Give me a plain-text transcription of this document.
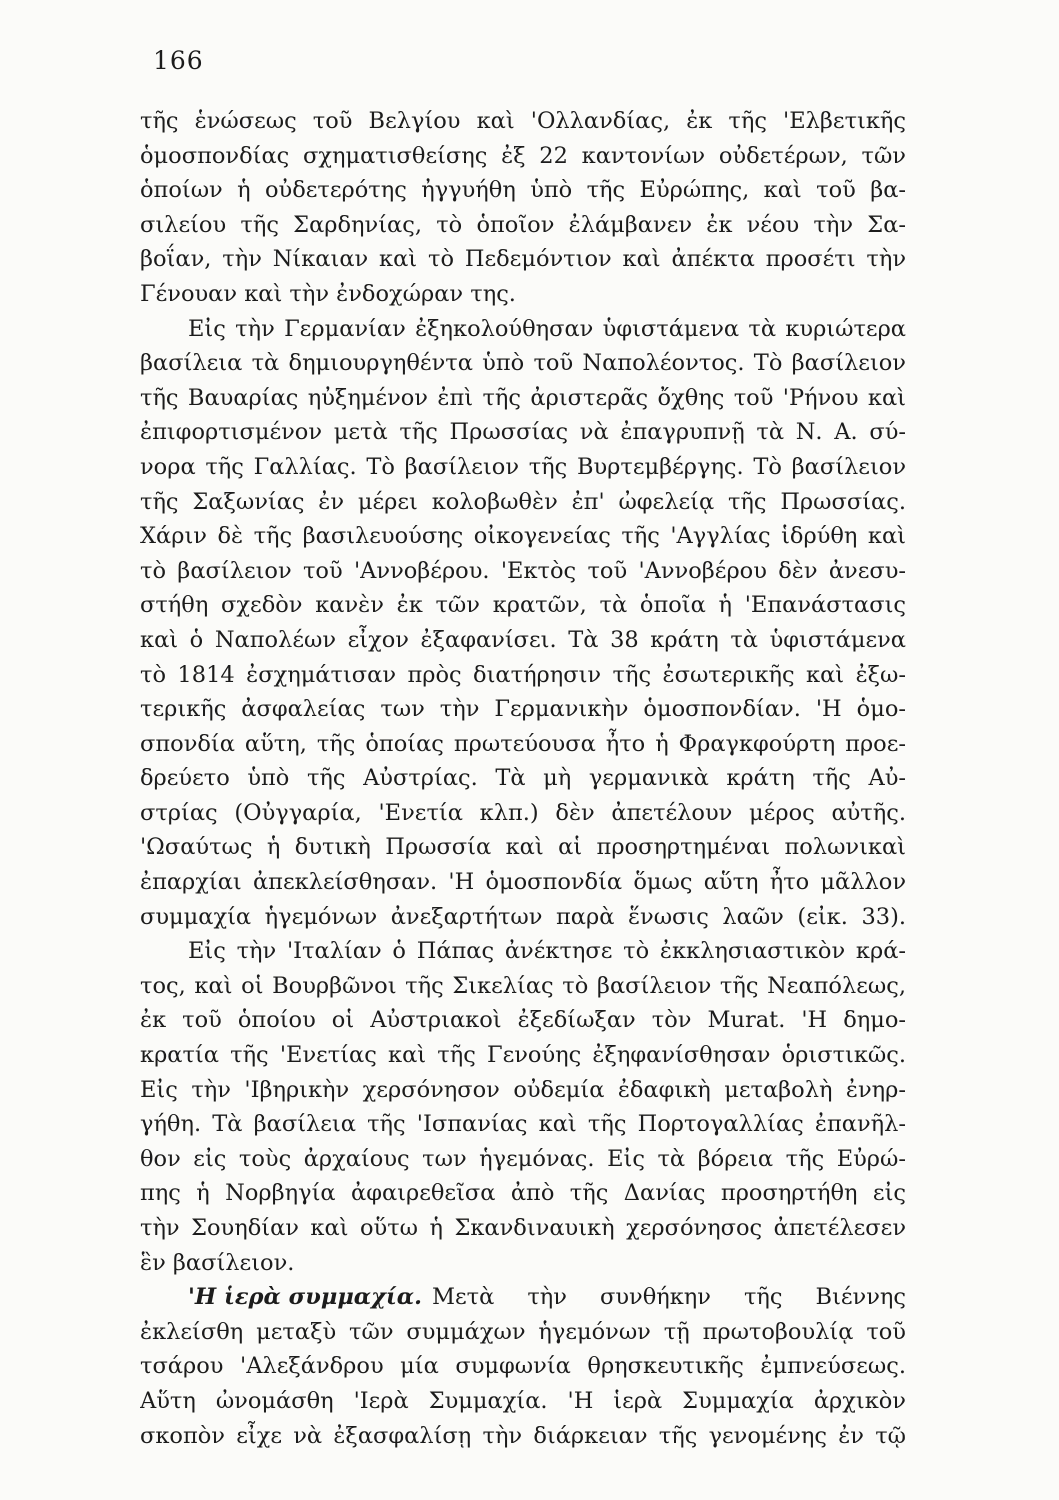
166
τῆς ἑνώσεως τοῦ Βελγίου καὶ 'Ολλανδίας, ἐκ τῆς 'Ελβετικῆς
ὁμοσπονδίας σχηματισθείσης ἐξ 22 καντονίων οὐδετέρων, τῶν
ὁποίων ἡ οὐδετερότης ἠγγυήθη ὑπὸ τῆς Εὐρώπης, καὶ τοῦ βα-
σιλείου τῆς Σαρδηνίας, τὸ ὁποῖον ἐλάμβανεν ἐκ νέου τὴν Σα-
βοΐαν, τὴν Νίκαιαν καὶ τὸ Πεδεμόντιον καὶ ἀπέκτα προσέτι τὴν
Γένουαν καὶ τὴν ἐνδοχώραν της.
Εἰς τὴν Γερμανίαν ἐξηκολούθησαν ὑφιστάμενα τὰ κυριώτερα
βασίλεια τὰ δημιουργηθέντα ὑπὸ τοῦ Ναπολέοντος. Τὸ βασίλειον
τῆς Βαυαρίας ηὐξημένον ἐπὶ τῆς ἀριστερᾶς ὄχθης τοῦ 'Ρήνου καὶ
ἐπιφορτισμένον μετὰ τῆς Πρωσσίας νὰ ἐπαγρυπνῇ τὰ Ν. Α. σύ-
νορα τῆς Γαλλίας. Τὸ βασίλειον τῆς Βυρτεμβέργης. Τὸ βασίλειον
τῆς Σαξωνίας ἐν μέρει κολοβωθὲν ἐπ' ὠφελείᾳ τῆς Πρωσσίας.
Χάριν δὲ τῆς βασιλευούσης οἰκογενείας τῆς 'Αγγλίας ἱδρύθη καὶ
τὸ βασίλειον τοῦ 'Αννοβέρου. 'Εκτὸς τοῦ 'Αννοβέρου δὲν ἀνεσυ-
στήθη σχεδὸν κανὲν ἐκ τῶν κρατῶν, τὰ ὁποῖα ἡ 'Επανάστασις
καὶ ὁ Ναπολέων εἶχον ἐξαφανίσει. Τὰ 38 κράτη τὰ ὑφιστάμενα
τὸ 1814 ἐσχημάτισαν πρὸς διατήρησιν τῆς ἐσωτερικῆς καὶ ἐξω-
τερικῆς ἀσφαλείας των τὴν Γερμανικὴν ὁμοσπονδίαν. 'Η ὁμο-
σπονδία αὕτη, τῆς ὁποίας πρωτεύουσα ἦτο ἡ Φραγκφούρτη προε-
δρεύετο ὑπὸ τῆς Αὐστρίας. Τὰ μὴ γερμανικὰ κράτη τῆς Αὐ-
στρίας (Οὐγγαρία, 'Ενετία κλπ.) δὲν ἀπετέλουν μέρος αὐτῆς.
'Ωσαύτως ἡ δυτικὴ Πρωσσία καὶ αἱ προσηρτημέναι πολωνικαὶ
ἐπαρχίαι ἀπεκλείσθησαν. 'Η ὁμοσπονδία ὅμως αὕτη ἦτο μᾶλλον
συμμαχία ἡγεμόνων ἀνεξαρτήτων παρὰ ἕνωσις λαῶν (εἰκ. 33).
Εἰς τὴν 'Ιταλίαν ὁ Πάπας ἀνέκτησε τὸ ἐκκλησιαστικὸν κρά-
τος, καὶ οἱ Βουρβῶνοι τῆς Σικελίας τὸ βασίλειον τῆς Νεαπόλεως,
ἐκ τοῦ ὁποίου οἱ Αὐστριακοὶ ἐξεδίωξαν τὸν Murat. 'Η δημο-
κρατία τῆς 'Ενετίας καὶ τῆς Γενούης ἐξηφανίσθησαν ὁριστικῶς.
Εἰς τὴν 'Ιβηρικὴν χερσόνησον οὐδεμία ἐδαφικὴ μεταβολὴ ἐνηρ-
γήθη. Τὰ βασίλεια τῆς 'Ισπανίας καὶ τῆς Πορτογαλλίας ἐπανῆλ-
θον εἰς τοὺς ἀρχαίους των ἡγεμόνας. Εἰς τὰ βόρεια τῆς Εὐρώ-
πης ἡ Νορβηγία ἀφαιρεθεῖσα ἀπὸ τῆς Δανίας προσηρτήθη εἰς
τὴν Σουηδίαν καὶ οὕτω ἡ Σκανδιναυικὴ χερσόνησος ἀπετέλεσεν
ἓν βασίλειον.
'Η ἱερὰ συμμαχία. Μετὰ τὴν συνθήκην τῆς Βιέννης
ἐκλείσθη μεταξὺ τῶν συμμάχων ἡγεμόνων τῇ πρωτοβουλίᾳ τοῦ
τσάρου 'Αλεξάνδρου μία συμφωνία θρησκευτικῆς ἐμπνεύσεως.
Αὕτη ὠνομάσθη 'Ιερὰ Συμμαχία. 'Η ἱερὰ Συμμαχία ἀρχικὸν
σκοπὸν εἶχε νὰ ἐξασφαλίσῃ τὴν διάρκειαν τῆς γενομένης ἐν τῷ
